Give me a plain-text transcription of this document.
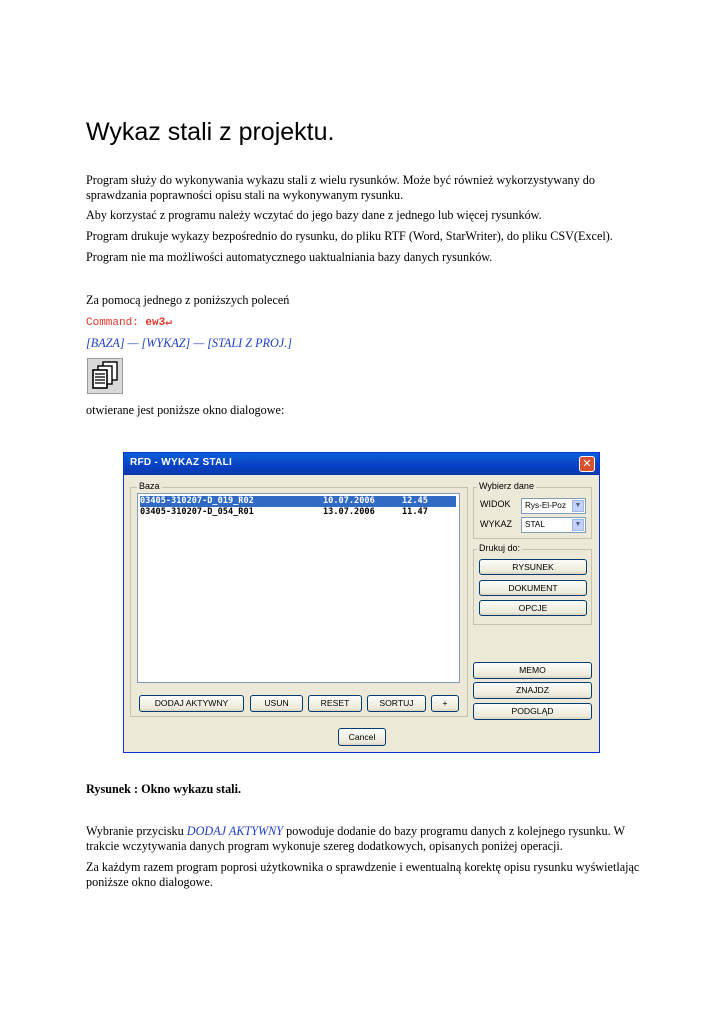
Wykaz stali z projektu.
Program służy do wykonywania wykazu stali z wielu rysunków. Może być również wykorzystywany do sprawdzania poprawności opisu stali na wykonywanym rysunku.
Aby korzystać z programu należy wczytać do jego bazy dane z jednego lub więcej rysunków.
Program drukuje wykazy bezpośrednio do rysunku, do pliku RTF (Word, StarWriter), do pliku CSV(Excel).
Program nie ma możliwości automatycznego uaktualniania bazy danych rysunków.
Za pomocą jednego z poniższych poleceń
Command: ew3↵
[BAZA] — [WYKAZ] — [STALI Z PROJ.]
otwierane jest poniższe okno dialogowe:
RFD - WYKAZ STALI	✕
Baza
03405-310207-D_019_R02	10.07.2006	12.45
03405-310207-D_054_R01	13.07.2006	11.47
DODAJ AKTYWNY	USUN	RESET	SORTUJ	+
Wybierz dane
WIDOK	Rys-El-Poz	▼
WYKAZ	STAL	▼
Drukuj do:
RYSUNEK
DOKUMENT
OPCJE
MEMO
ZNAJDZ
PODGLĄD
Cancel
Rysunek : Okno wykazu stali.
Wybranie przycisku DODAJ AKTYWNY powoduje dodanie do bazy programu danych z kolejnego rysunku. W trakcie wczytywania danych program wykonuje szereg dodatkowych, opisanych poniżej operacji.
Za każdym razem program poprosi użytkownika o sprawdzenie i ewentualną korektę opisu rysunku wyświetlając poniższe okno dialogowe.
